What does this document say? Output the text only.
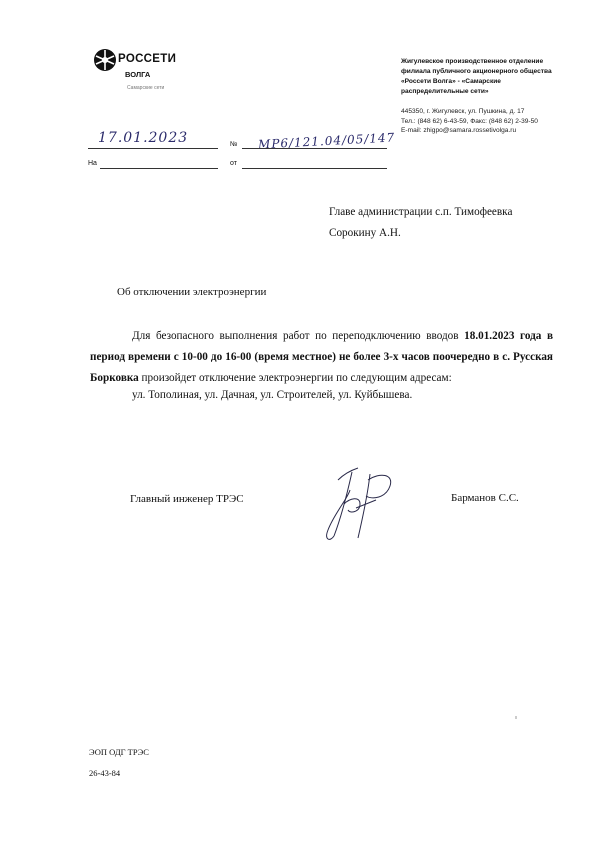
РОССЕТИ
ВОЛГА
Самарские сети
Жигулевское производственное отделение
филиала публичного акционерного общества
«Россети Волга» - «Самарские
распределительные сети»
445350, г. Жигулевск, ул. Пушкина, д. 17
Тел.: (848 62) 6-43-59, Факс: (848 62) 2-39-50
E-mail: zhigpo@samara.rossetivolga.ru
17.01.2023	№ МР6/121.04/05/147
На	от
Главе администрации с.п. Тимофеевка
Сорокину А.Н.
Об отключении электроэнергии
Для безопасного выполнения работ по переподключению вводов 18.01.2023 года в период времени с 10-00 до 16-00 (время местное) не более 3-х часов поочередно в с. Русская Борковка произойдет отключение электроэнергии по следующим адресам:
ул. Тополиная, ул. Дачная, ул. Строителей, ул. Куйбышева.
Главный инженер ТРЭС	Барманов С.С.
ЭОП ОДГ ТРЭС
26-43-84
